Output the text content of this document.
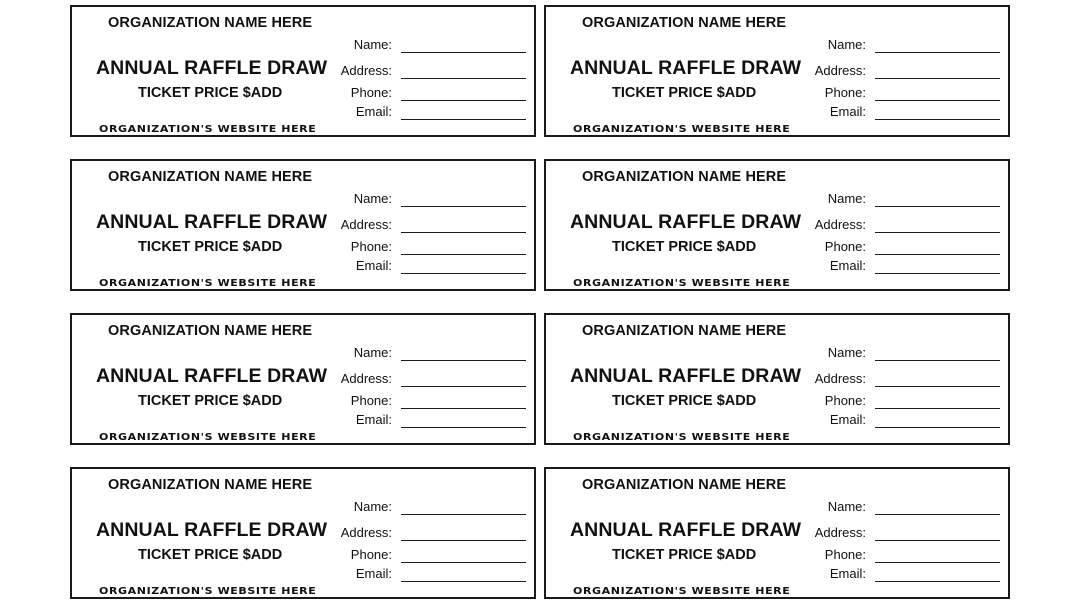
ORGANIZATION NAME HERE
ANNUAL RAFFLE DRAW
TICKET PRICE $ADD
ORGANIZATION'S WEBSITE HERE
Name:
Address:
Phone:
Email:
ORGANIZATION NAME HERE
ANNUAL RAFFLE DRAW
TICKET PRICE $ADD
ORGANIZATION'S WEBSITE HERE
Name:
Address:
Phone:
Email:
ORGANIZATION NAME HERE
ANNUAL RAFFLE DRAW
TICKET PRICE $ADD
ORGANIZATION'S WEBSITE HERE
Name:
Address:
Phone:
Email:
ORGANIZATION NAME HERE
ANNUAL RAFFLE DRAW
TICKET PRICE $ADD
ORGANIZATION'S WEBSITE HERE
Name:
Address:
Phone:
Email:
ORGANIZATION NAME HERE
ANNUAL RAFFLE DRAW
TICKET PRICE $ADD
ORGANIZATION'S WEBSITE HERE
Name:
Address:
Phone:
Email:
ORGANIZATION NAME HERE
ANNUAL RAFFLE DRAW
TICKET PRICE $ADD
ORGANIZATION'S WEBSITE HERE
Name:
Address:
Phone:
Email:
ORGANIZATION NAME HERE
ANNUAL RAFFLE DRAW
TICKET PRICE $ADD
ORGANIZATION'S WEBSITE HERE
Name:
Address:
Phone:
Email:
ORGANIZATION NAME HERE
ANNUAL RAFFLE DRAW
TICKET PRICE $ADD
ORGANIZATION'S WEBSITE HERE
Name:
Address:
Phone:
Email:
